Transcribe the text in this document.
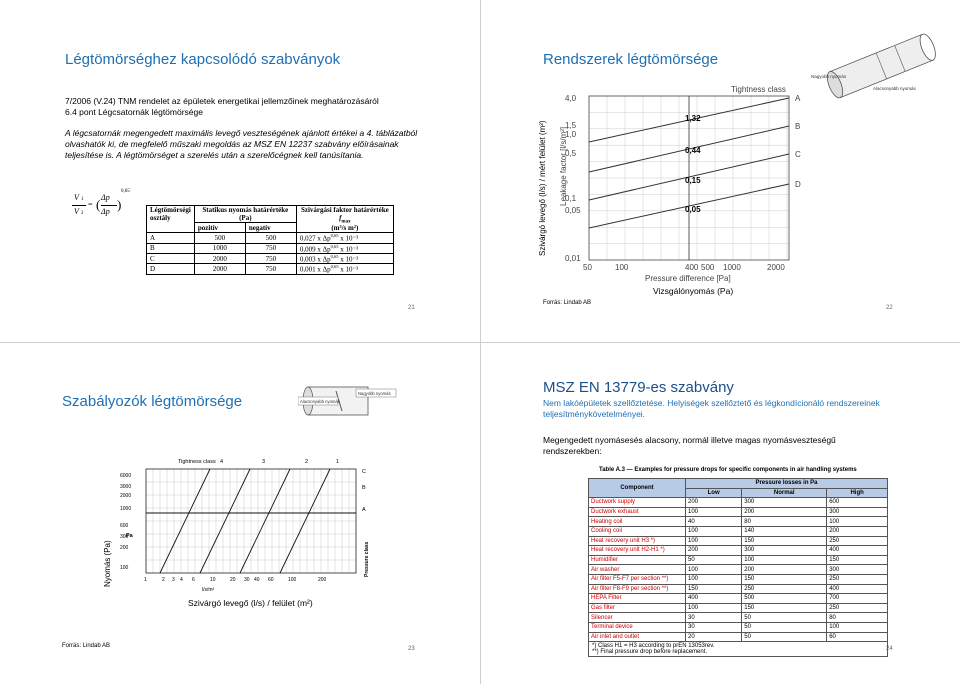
Légtömörséghez kapcsolódó szabványok
7/2006 (V.24) TNM rendelet az épületek energetikai jellemzőinek meghatározásáról
6.4 pont Légcsatornák légtömörsége
A légcsatornák megengedett maximális levegő veszteségének ajánlott értékei a 4. táblázatból olvashatók ki, de megfelelő műszaki megoldás az MSZ EN 12237 szabvány előírásainak teljesítése is. A légtömörséget a szerelés után a szerelőcégnek kell tanúsítania.
V 1
V 2
= ( Δp
Δp )
0,65
Légtömörségi osztály	Statikus nyomás határértéke (Pa)		Szivárgási faktor határértéke
$f_{max}$
(m³/s m²)
	pozitív	negatív	
A	500	500	0,027 x Δp$^{0,65}$ x 10⁻³
B	1000	750	0,009 x Δp$^{0,65}$ x 10⁻³
C	2000	750	0,003 x Δp$^{0,65}$ x 10⁻³
D	2000	750	0,001 x Δp$^{0,65}$ x 10⁻³
21
Rendszerek légtömörsége
Nagyobb nyomás
Alacsonyabb nyomás
Szivárgó levegő (l/s) / mért felület (m²) Leakage factor [l/s/m²]
Tightness class
4,0
1,5
1,0
0,5
0,1
0,05
0,01
50	100	400 500 1000	2000
A
1,32
B
0,44	C
0,15	D
0,05
Pressure difference [Pa]
Vizsgálónyomás (Pa)
Forrás: Lindab AB
22
Szabályozók légtömörsége	Alacsonyabb nyomás
Nagyobb nyomás
Tightness class
6000
3000
2000
1000
600
300
200
100
1	2 3 4 6	10	20 30 40 60	100	200
4	3	2	1
C
B
A
Pa
l/s/m²
Pressure class
Nyomás (Pa)
Szivárgó levegő (l/s) / felület (m²)
Forrás: Lindab AB	23
MSZ EN 13779-es szabvány
Nem lakóépületek szellőztetése. Helyiségek szellőztető és légkondícionáló rendszereinek teljesítménykövetelményei.
Megengedett nyomásesés alacsony, normál illetve magas nyomásveszteségű rendszerekben:
Table A.3 — Examples for pressure drops for specific components in air handling systems
Component	Pressure losses in Pa		
	Low	Normal	High
Ductwork supply	200	300	600
Ductwork exhaust	100	200	300
Heating coil	40	80	100
Cooling coil	100	140	200
Heat recovery unit H3 *)	100	150	250
Heat recovery unit H2-H1 *)	200	300	400
Humidifier	50	100	150
Air washer	100	200	300
Air filter F5-F7 per section **)	100	150	250
Air filter F8-F9 per section **)	150	250	400
HEPA Filter	400	500	700
Gas filter	100	150	250
Silencer	30	50	80
Terminal device	30	50	100
Air inlet and outlet	20	50	60

*) Class H1 = H3 according to prEN 13053rev.
**) Final pressure drop before replacement.			
24
